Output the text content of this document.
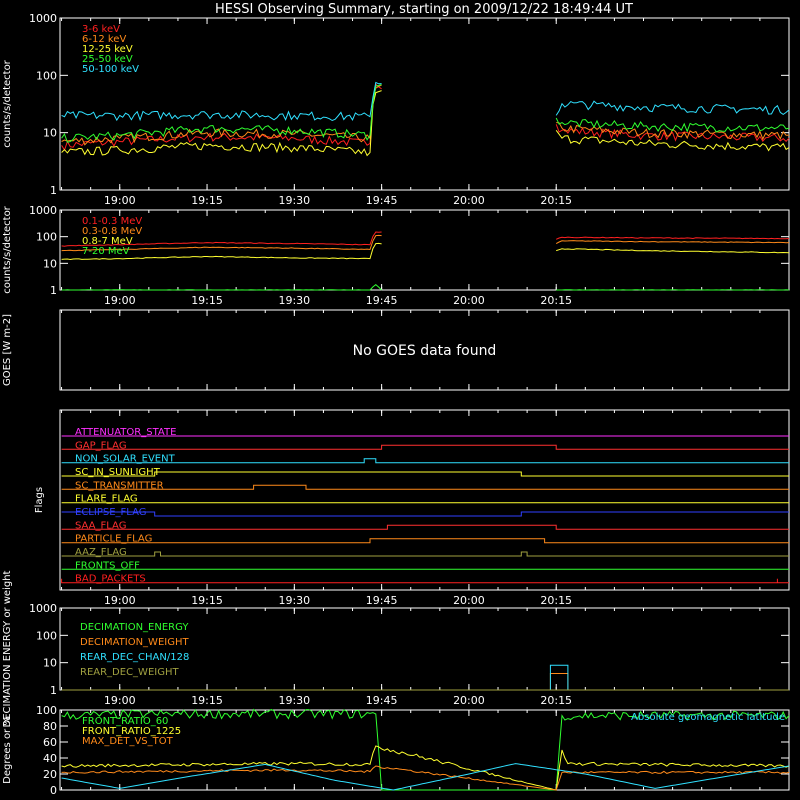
HESSI Observing Summary, starting on 2009/12/22 18:49:44 UT
19:00	19:15	19:30	19:45	20:00	20:15
1
10
100
1000
counts/s/detector
3-6 keV
6-12 keV
12-25 keV
25-50 keV
50-100 keV
19:00	19:15	19:30	19:45	20:00	20:15
1
10
100
1000
counts/s/detector	0.1-0.3 MeV
0.3-0.8 MeV
0.8-7 MeV
7-20 MeV
GOES [W m-2]	No GOES data found
19:00	19:15	19:30	19:45	20:00	20:15
Flags
ATTENUATOR_STATE
GAP_FLAG
NON_SOLAR_EVENT
SC_IN_SUNLIGHT
SC_TRANSMITTER
FLARE_FLAG
ECLIPSE_FLAG
SAA_FLAG
PARTICLE_FLAG
AAZ_FLAG
FRONTS_OFF
BAD_PACKETS
19:00	19:15	19:30	19:45	20:00	20:15
1
10
100
1000
DECIMATION ENERGY or weight	DECIMATION_ENERGY
DECIMATION_WEIGHT
REAR_DEC_CHAN/128
REAR_DEC_WEIGHT
0
20
40
60
80
100
Degrees or %	FRONT_RATIO_60
FRONT_RATIO_1225
MAX_DET_VS_TOT
Absolute geomagnetic latitude
